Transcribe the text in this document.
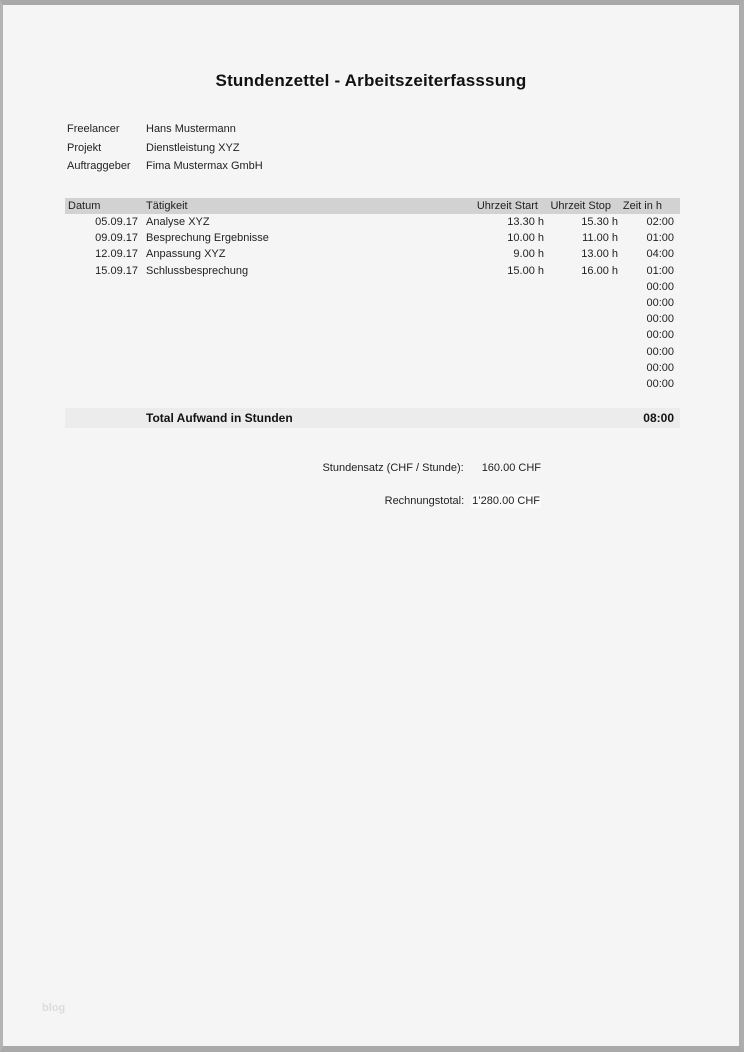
Stundenzettel - Arbeitszeiterfasssung
Freelancer	Hans Mustermann
Projekt	Dienstleistung XYZ
Auftraggeber	Fima Mustermax GmbH
Datum	Tätigkeit	Uhrzeit Start	Uhrzeit Stop	Zeit in h
05.09.17	Analyse XYZ	13.30 h	15.30 h	02:00
09.09.17	Besprechung Ergebnisse	10.00 h	11.00 h	01:00
12.09.17	Anpassung XYZ	9.00 h	13.00 h	04:00
15.09.17	Schlussbesprechung	15.00 h	16.00 h	01:00
				00:00
				00:00
				00:00
				00:00
				00:00
				00:00
				00:00
Total Aufwand in Stunden	08:00
Stundensatz (CHF / Stunde): 160.00 CHF
Rechnungstotal: 1’280.00 CHF
blog
